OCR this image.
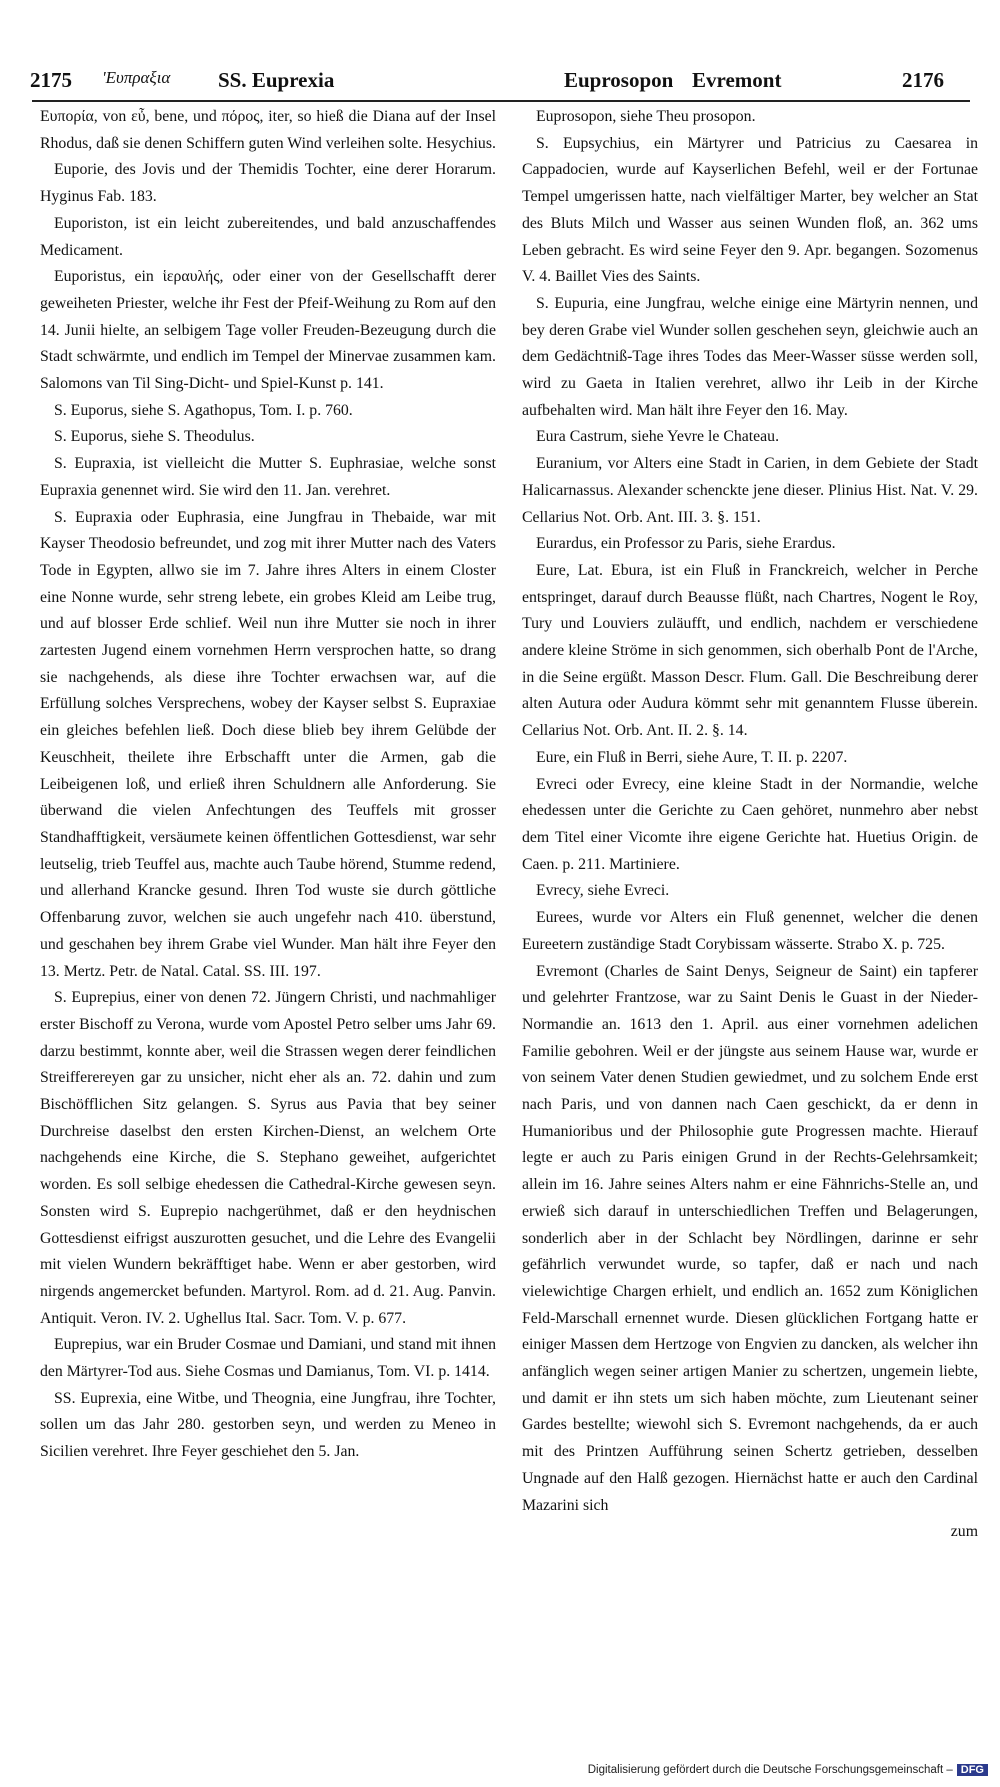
2175 'Ευπραξια SS. Euprexia	Euprosopon Evremont	2176

Ευπορία, von εὖ, bene, und πόρος, iter, so hieß die Diana auf der Insel Rhodus, daß sie denen Schiffern guten Wind verleihen solte. Hesychius.

Euporie, des Jovis und der Themidis Tochter, eine derer Horarum. Hyginus Fab. 183.

Euporiston, ist ein leicht zubereitendes, und bald anzuschaffendes Medicament.

Euporistus, ein ἱεραυλής, oder einer von der Gesellschafft derer geweiheten Priester, welche ihr Fest der Pfeif-Weihung zu Rom auf den 14. Junii hielte, an selbigem Tage voller Freuden-Bezeugung durch die Stadt schwärmte, und endlich im Tempel der Minervae zusammen kam. Salomons van Til Sing-Dicht- und Spiel-Kunst p. 141.

S. Euporus, siehe S. Agathopus, Tom. I. p. 760.

S. Euporus, siehe S. Theodulus.

S. Eupraxia, ist vielleicht die Mutter S. Euphrasiae, welche sonst Eupraxia genennet wird. Sie wird den 11. Jan. verehret.

S. Eupraxia oder Euphrasia, eine Jungfrau in Thebaide, war mit Kayser Theodosio befreundet, und zog mit ihrer Mutter nach des Vaters Tode in Egypten, allwo sie im 7. Jahre ihres Alters in einem Closter eine Nonne wurde, sehr streng lebete, ein grobes Kleid am Leibe trug, und auf blosser Erde schlief. Weil nun ihre Mutter sie noch in ihrer zartesten Jugend einem vornehmen Herrn versprochen hatte, so drang sie nachgehends, als diese ihre Tochter erwachsen war, auf die Erfüllung solches Versprechens, wobey der Kayser selbst S. Eupraxiae ein gleiches befehlen ließ. Doch diese blieb bey ihrem Gelübde der Keuschheit, theilete ihre Erbschafft unter die Armen, gab die Leibeigenen loß, und erließ ihren Schuldnern alle Anforderung. Sie überwand die vielen Anfechtungen des Teuffels mit grosser Standhafftigkeit, versäumete keinen öffentlichen Gottesdienst, war sehr leutselig, trieb Teuffel aus, machte auch Taube hörend, Stumme redend, und allerhand Krancke gesund. Ihren Tod wuste sie durch göttliche Offenbarung zuvor, welchen sie auch ungefehr nach 410. überstund, und geschahen bey ihrem Grabe viel Wunder. Man hält ihre Feyer den 13. Mertz. Petr. de Natal. Catal. SS. III. 197.

S. Euprepius, einer von denen 72. Jüngern Christi, und nachmahliger erster Bischoff zu Verona, wurde vom Apostel Petro selber ums Jahr 69. darzu bestimmt, konnte aber, weil die Strassen wegen derer feindlichen Streifferereyen gar zu unsicher, nicht eher als an. 72. dahin und zum Bischöfflichen Sitz gelangen. S. Syrus aus Pavia that bey seiner Durchreise daselbst den ersten Kirchen-Dienst, an welchem Orte nachgehends eine Kirche, die S. Stephano geweihet, aufgerichtet worden. Es soll selbige ehedessen die Cathedral-Kirche gewesen seyn. Sonsten wird S. Euprepio nachgerühmet, daß er den heydnischen Gottesdienst eifrigst auszurotten gesuchet, und die Lehre des Evangelii mit vielen Wundern bekräfftiget habe. Wenn er aber gestorben, wird nirgends angemercket befunden. Martyrol. Rom. ad d. 21. Aug. Panvin. Antiquit. Veron. IV. 2. Ughellus Ital. Sacr. Tom. V. p. 677.

Euprepius, war ein Bruder Cosmae und Damiani, und stand mit ihnen den Märtyrer-Tod aus. Siehe Cosmas und Damianus, Tom. VI. p. 1414.

SS. Euprexia, eine Witbe, und Theognia, eine Jungfrau, ihre Tochter, sollen um das Jahr 280. gestorben seyn, und werden zu Meneo in Sicilien verehret. Ihre Feyer geschiehet den 5. Jan.

Euprosopon, siehe Theu prosopon.

S. Eupsychius, ein Märtyrer und Patricius zu Caesarea in Cappadocien, wurde auf Kayserlichen Befehl, weil er der Fortunae Tempel umgerissen hatte, nach vielfältiger Marter, bey welcher an Stat des Bluts Milch und Wasser aus seinen Wunden floß, an. 362 ums Leben gebracht. Es wird seine Feyer den 9. Apr. begangen. Sozomenus V. 4. Baillet Vies des Saints.

S. Eupuria, eine Jungfrau, welche einige eine Märtyrin nennen, und bey deren Grabe viel Wunder sollen geschehen seyn, gleichwie auch an dem Gedächtniß-Tage ihres Todes das Meer-Wasser süsse werden soll, wird zu Gaeta in Italien verehret, allwo ihr Leib in der Kirche aufbehalten wird. Man hält ihre Feyer den 16. May.

Eura Castrum, siehe Yevre le Chateau.

Euranium, vor Alters eine Stadt in Carien, in dem Gebiete der Stadt Halicarnassus. Alexander schenckte jene dieser. Plinius Hist. Nat. V. 29. Cellarius Not. Orb. Ant. III. 3. §. 151.

Eurardus, ein Professor zu Paris, siehe Erardus.

Eure, Lat. Ebura, ist ein Fluß in Franckreich, welcher in Perche entspringet, darauf durch Beausse flüßt, nach Chartres, Nogent le Roy, Tury und Louviers zuläufft, und endlich, nachdem er verschiedene andere kleine Ströme in sich genommen, sich oberhalb Pont de l'Arche, in die Seine ergüßt. Masson Descr. Flum. Gall. Die Beschreibung derer alten Autura oder Audura kömmt sehr mit genanntem Flusse überein. Cellarius Not. Orb. Ant. II. 2. §. 14.

Eure, ein Fluß in Berri, siehe Aure, T. II. p. 2207.

Evreci oder Evrecy, eine kleine Stadt in der Normandie, welche ehedessen unter die Gerichte zu Caen gehöret, nunmehro aber nebst dem Titel einer Vicomte ihre eigene Gerichte hat. Huetius Origin. de Caen. p. 211. Martiniere.

Evrecy, siehe Evreci.

Eurees, wurde vor Alters ein Fluß genennet, welcher die denen Eureetern zuständige Stadt Corybissam wässerte. Strabo X. p. 725.

Evremont (Charles de Saint Denys, Seigneur de Saint) ein tapferer und gelehrter Frantzose, war zu Saint Denis le Guast in der Nieder-Normandie an. 1613 den 1. April. aus einer vornehmen adelichen Familie gebohren. Weil er der jüngste aus seinem Hause war, wurde er von seinem Vater denen Studien gewiedmet, und zu solchem Ende erst nach Paris, und von dannen nach Caen geschickt, da er denn in Humanioribus und der Philosophie gute Progressen machte. Hierauf legte er auch zu Paris einigen Grund in der Rechts-Gelehrsamkeit; allein im 16. Jahre seines Alters nahm er eine Fähnrichs-Stelle an, und erwieß sich darauf in unterschiedlichen Treffen und Belagerungen, sonderlich aber in der Schlacht bey Nördlingen, darinne er sehr gefährlich verwundet wurde, so tapfer, daß er nach und nach vielewichtige Chargen erhielt, und endlich an. 1652 zum Königlichen Feld-Marschall ernennet wurde. Diesen glücklichen Fortgang hatte er einiger Massen dem Hertzoge von Engvien zu dancken, als welcher ihn anfänglich wegen seiner artigen Manier zu schertzen, ungemein liebte, und damit er ihn stets um sich haben möchte, zum Lieutenant seiner Gardes bestellte; wiewohl sich S. Evremont nachgehends, da er auch mit des Printzen Aufführung seinen Schertz getrieben, desselben Ungnade auf den Halß gezogen. Hiernächst hatte er auch den Cardinal Mazarini sich

zum

Digitalisierung gefördert durch die Deutsche Forschungsgemeinschaft – DFG
